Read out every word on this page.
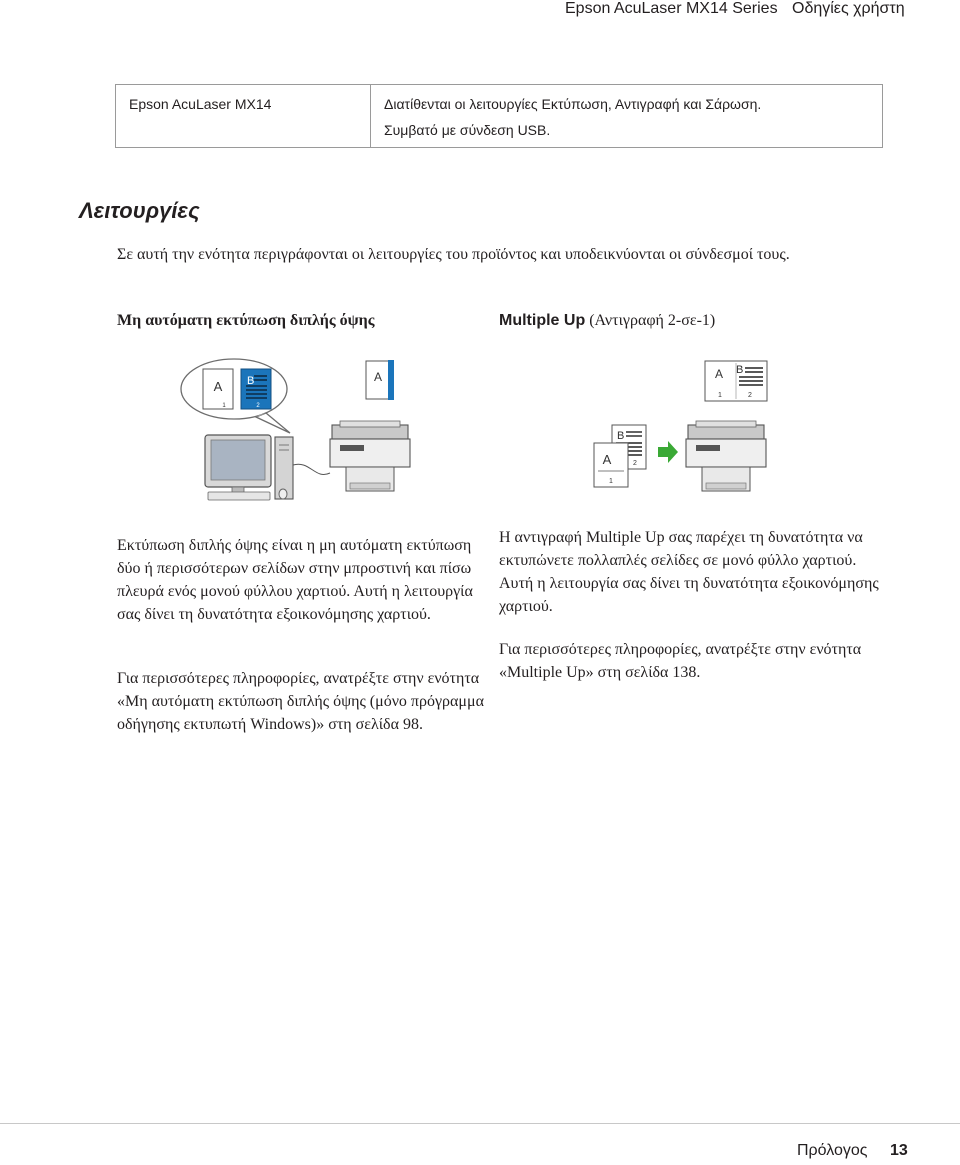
Epson AcuLaser MX14 Series Οδηγίες χρήστη
Epson AcuLaser MX14	Διατίθενται οι λειτουργίες Εκτύπωση, Αντιγραφή και Σάρωση.
Συμβατό με σύνδεση USB.
Λειτουργίες
Σε αυτή την ενότητα περιγράφονται οι λειτουργίες του προϊόντος και υποδεικνύονται οι σύνδεσμοί τους.
Μη αυτόματη εκτύπωση διπλής όψης	Multiple Up (Αντιγραφή 2-σε-1)
A
1
B
2
A	A B
1	2
B
2
A
1
Εκτύπωση διπλής όψης είναι η μη αυτόματη εκτύπωση δύο ή περισσότερων σελίδων στην μπροστινή και πίσω πλευρά ενός μονού φύλλου χαρτιού. Αυτή η λειτουργία σας δίνει τη δυνατότητα εξοικονόμησης χαρτιού.
Για περισσότερες πληροφορίες, ανατρέξτε στην ενότητα «Μη αυτόματη εκτύπωση διπλής όψης (μόνο πρόγραμμα οδήγησης εκτυπωτή Windows)» στη σελίδα 98.
Η αντιγραφή Multiple Up σας παρέχει τη δυνατότητα να εκτυπώνετε πολλαπλές σελίδες σε μονό φύλλο χαρτιού. Αυτή η λειτουργία σας δίνει τη δυνατότητα εξοικονόμησης χαρτιού.
Για περισσότερες πληροφορίες, ανατρέξτε στην ενότητα «Multiple Up» στη σελίδα 138.
Πρόλογος 13
